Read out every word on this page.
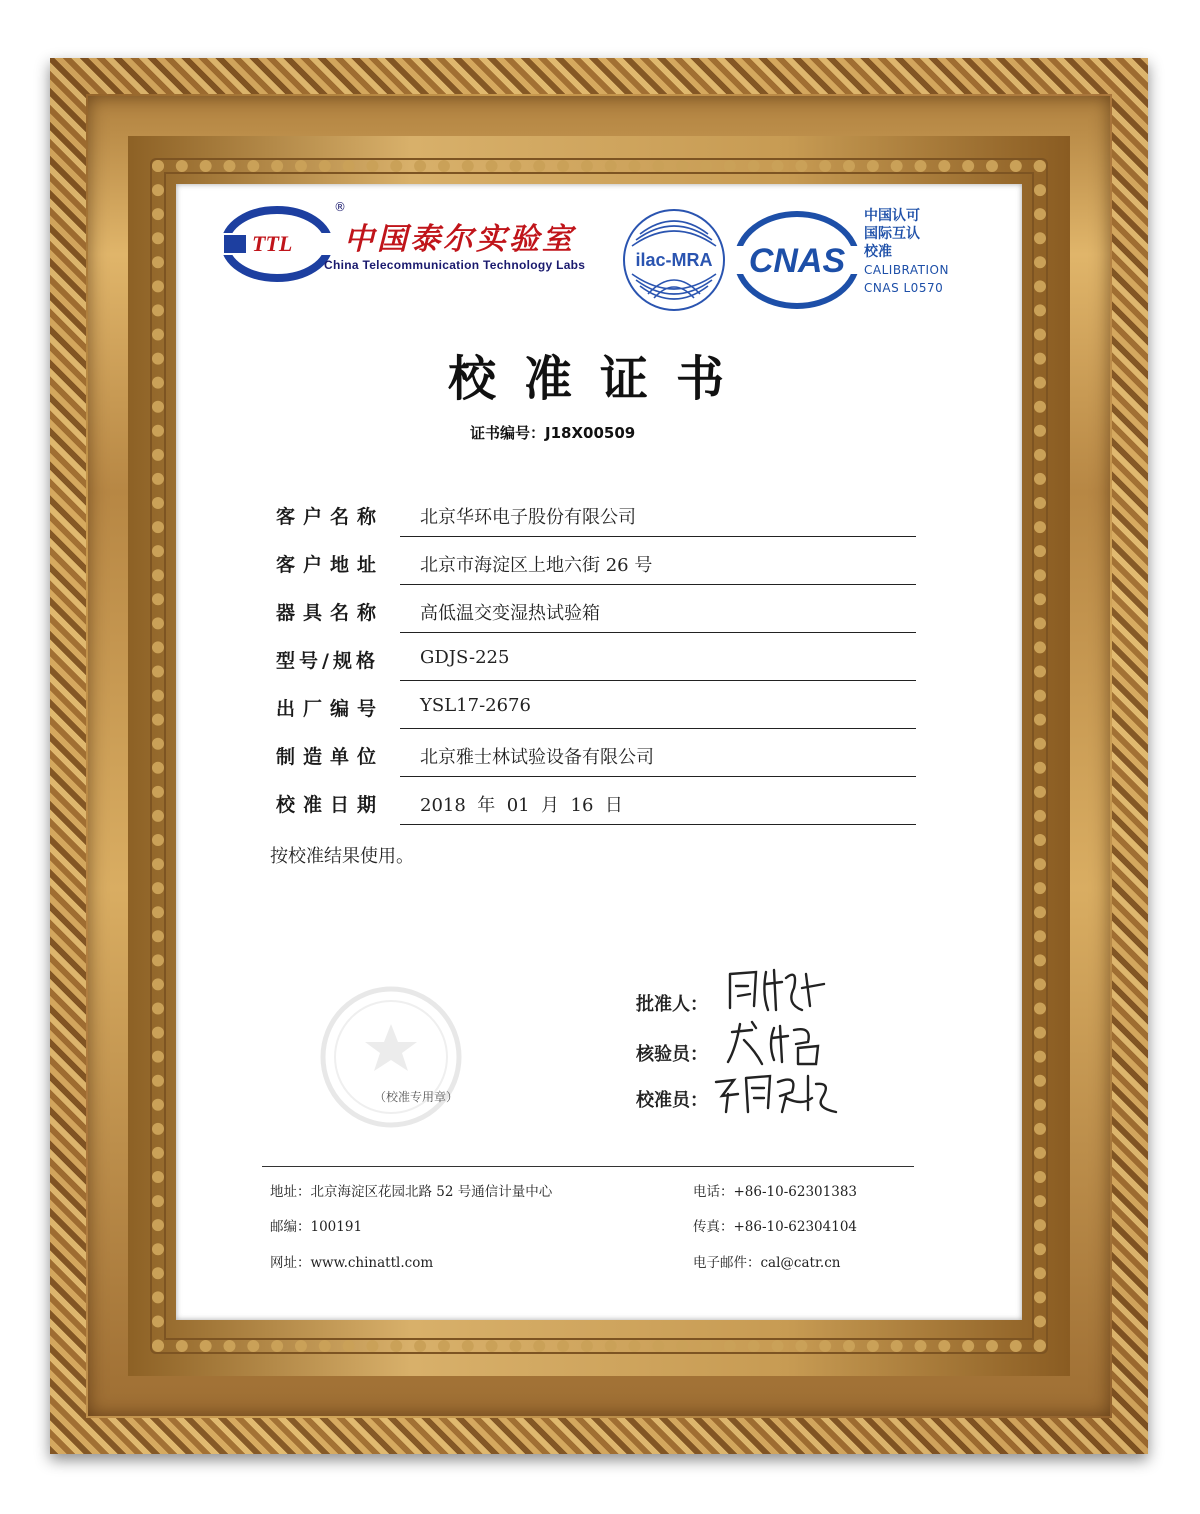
TTL
®
中国泰尔实验室
China Telecommunication Technology Labs	ilac-MRA CNAS
中国认可
国际互认
校准
CALIBRATION
CNAS L0570
校准证书
证书编号：J18X00509
客户名称	北京华环电子股份有限公司
客户地址	北京市海淀区上地六街 26 号
器具名称	高低温交变湿热试验箱
型号/规格	GDJS-225
出厂编号	YSL17-2676
制造单位	北京雅士林试验设备有限公司
校准日期	2018  年  01  月  16  日
按校准结果使用。
（校准专用章）
批准人：
核验员：
校准员：
地址：北京海淀区花园北路 52 号通信计量中心
邮编：100191
网址：www.chinattl.com
电话：+86-10-62301383
传真：+86-10-62304104
电子邮件：cal@catr.cn
